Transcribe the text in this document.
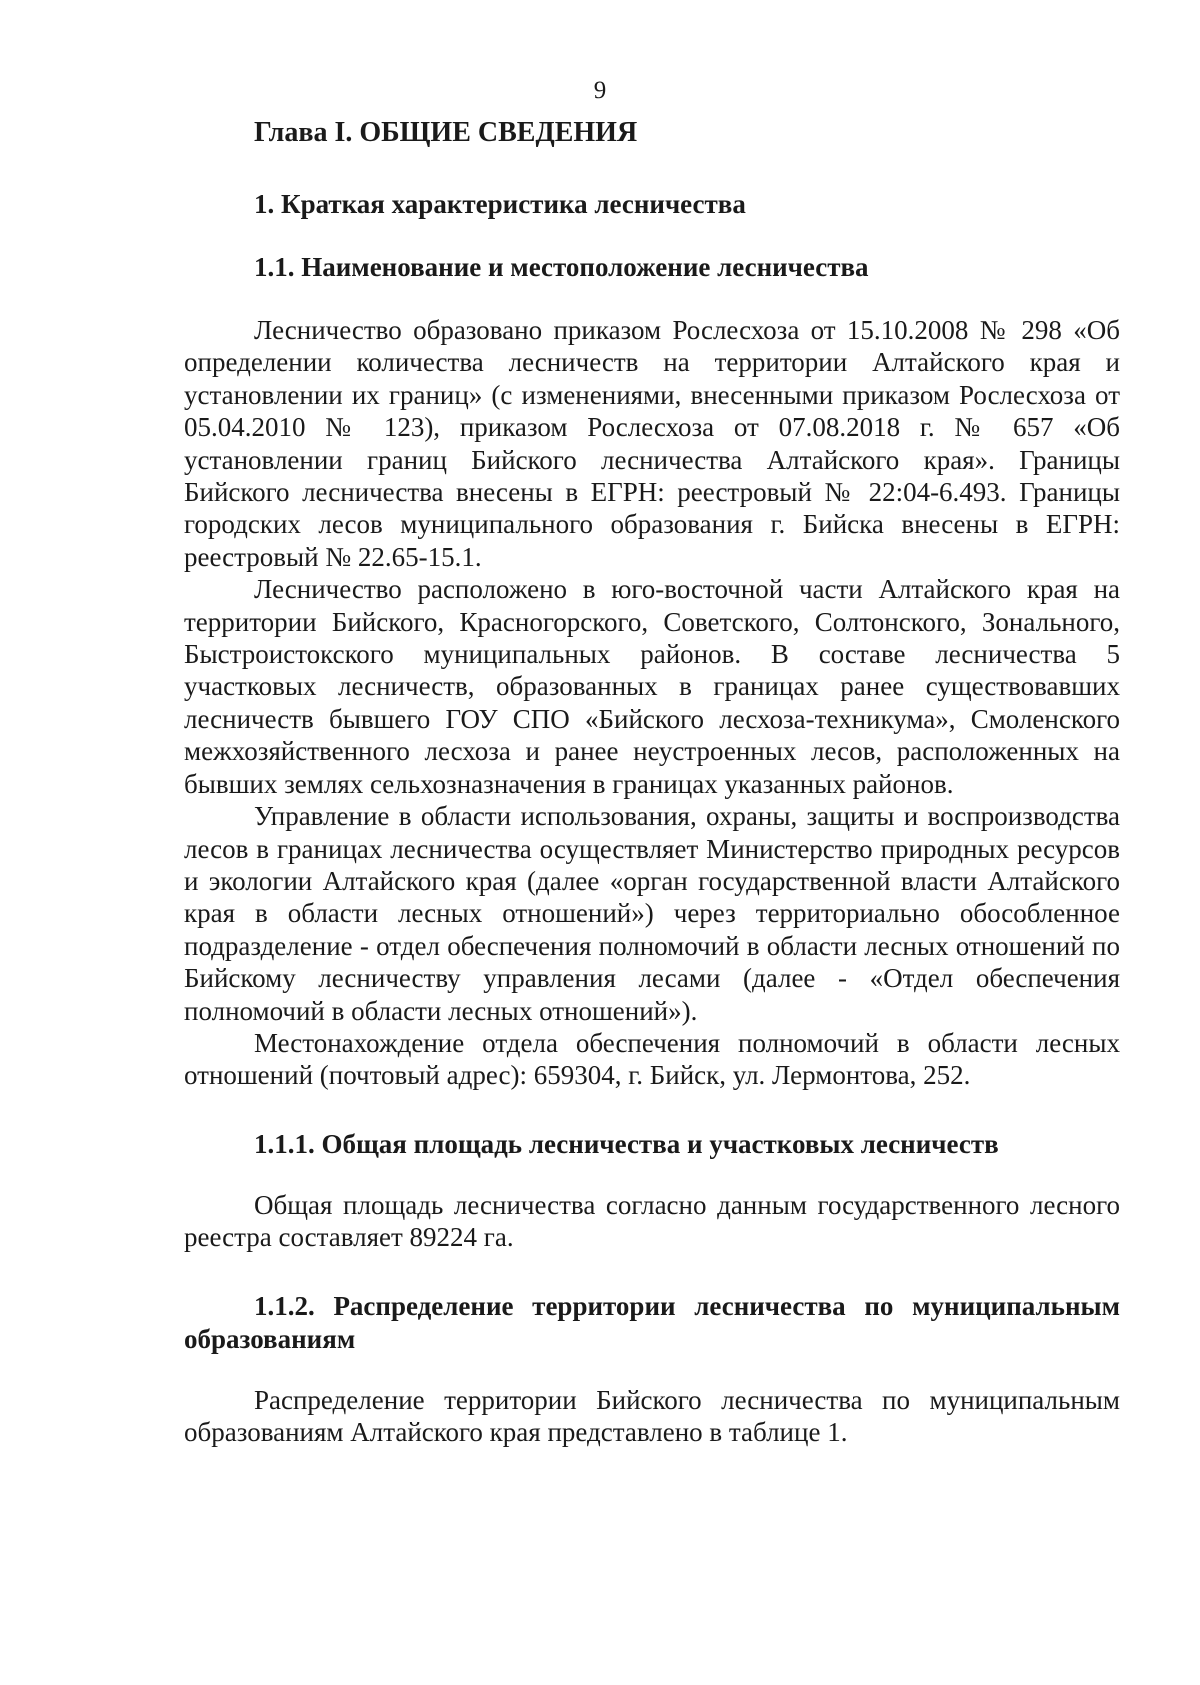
9
Глава I. ОБЩИЕ СВЕДЕНИЯ
1. Краткая характеристика лесничества
1.1. Наименование и местоположение лесничества

Лесничество образовано приказом Рослесхоза от 15.10.2008 № 298 «Об определении количества лесничеств на территории Алтайского края и установлении их границ» (с изменениями, внесенными приказом Рослесхоза от 05.04.2010 № 123), приказом Рослесхоза от 07.08.2018 г. № 657 «Об установлении границ Бийского лесничества Алтайского края». Границы Бийского лесничества внесены в ЕГРН: реестровый № 22:04-6.493. Границы городских лесов муниципального образования г. Бийска внесены в ЕГРН: реестровый № 22.65-15.1.

Лесничество расположено в юго-восточной части Алтайского края на территории Бийского, Красногорского, Советского, Солтонского, Зонального, Быстроистокского муниципальных районов. В составе лесничества 5 участковых лесничеств, образованных в границах ранее существовавших лесничеств бывшего ГОУ СПО «Бийского лесхоза-техникума», Смоленского межхозяйственного лесхоза и ранее неустроенных лесов, расположенных на бывших землях сельхозназначения в границах указанных районов.

Управление в области использования, охраны, защиты и воспроизводства лесов в границах лесничества осуществляет Министерство природных ресурсов и экологии Алтайского края (далее «орган государственной власти Алтайского края в области лесных отношений») через территориально обособленное подразделение - отдел обеспечения полномочий в области лесных отношений по Бийскому лесничеству управления лесами (далее - «Отдел обеспечения полномочий в области лесных отношений»).

Местонахождение отдела обеспечения полномочий в области лесных отношений (почтовый адрес): 659304, г. Бийск, ул. Лермонтова, 252.

1.1.1. Общая площадь лесничества и участковых лесничеств

Общая площадь лесничества согласно данным государственного лесного реестра составляет 89224 га.

1.1.2. Распределение территории лесничества по муниципальным образованиям

Распределение территории Бийского лесничества по муниципальным образованиям Алтайского края представлено в таблице 1.
